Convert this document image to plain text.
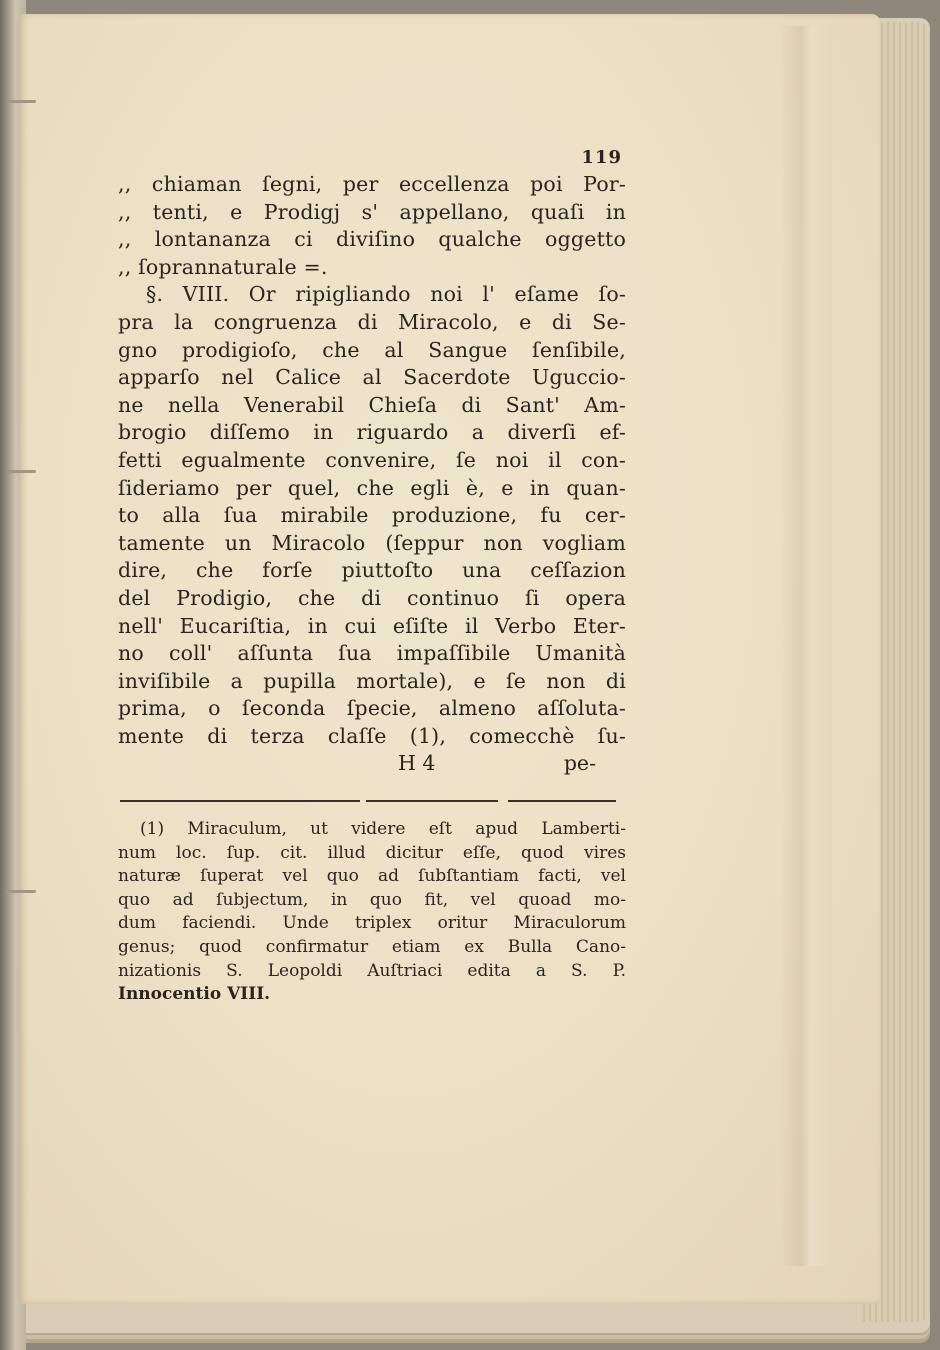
119
,, chiaman ſegni, per eccellenza poi Por-
,, tenti, e Prodigj s' appellano, quaſi in
,, lontananza ci diviſino qualche oggetto
,, ſoprannaturale =.
§. VIII. Or ripigliando noi l' eſame ſo-
pra la congruenza di Miracolo, e di Se-
gno prodigioſo, che al Sangue ſenſibile,
apparſo nel Calice al Sacerdote Uguccio-
ne nella Venerabil Chieſa di Sant' Am-
brogio diſſemo in riguardo a diverſi ef-
fetti egualmente convenire, ſe noi il con-
ſideriamo per quel, che egli è, e in quan-
to alla ſua mirabile produzione, fu cer-
tamente un Miracolo (ſeppur non vogliam
dire, che forſe piuttoſto una ceſſazion
del Prodigio, che di continuo ſi opera
nell' Eucariſtia, in cui eſiſte il Verbo Eter-
no coll' aſſunta ſua impaſſibile Umanità
inviſibile a pupilla mortale), e ſe non di
prima, o ſeconda ſpecie, almeno aſſoluta-
mente di terza claſſe (1), comecchè ſu-
H 4	pe-
(1) Miraculum, ut videre eſt apud Lamberti-
num loc. ſup. cit. illud dicitur eſſe, quod vires
naturæ ſuperat vel quo ad ſubſtantiam facti, vel
quo ad ſubjectum, in quo fit, vel quoad mo-
dum faciendi. Unde triplex oritur Miraculorum
genus; quod confirmatur etiam ex Bulla Cano-
nizationis S. Leopoldi Auſtriaci edita a S. P.
Innocentio VIII.
